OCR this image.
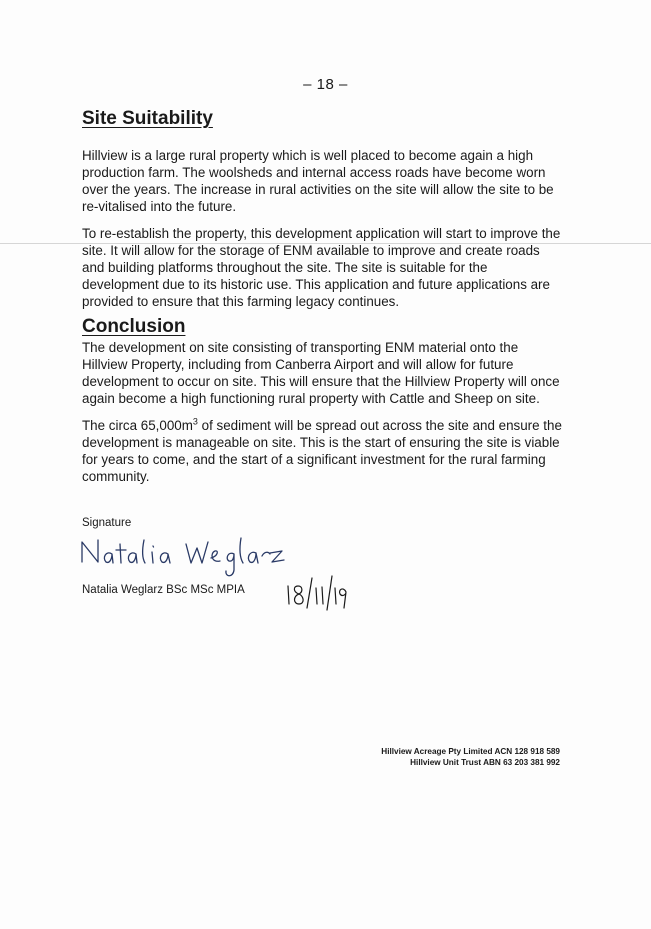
– 18 –
Site Suitability

Hillview is a large rural property which is well placed to become again a high production farm. The woolsheds and internal access roads have become worn over the years. The increase in rural activities on the site will allow the site to be re-vitalised into the future.

To re-establish the property, this development application will start to improve the site. It will allow for the storage of ENM available to improve and create roads and building platforms throughout the site. The site is suitable for the development due to its historic use. This application and future applications are provided to ensure that this farming legacy continues.

Conclusion

The development on site consisting of transporting ENM material onto the Hillview Property, including from Canberra Airport and will allow for future development to occur on site. This will ensure that the Hillview Property will once again become a high functioning rural property with Cattle and Sheep on site.

The circa $65,000m^3$ of sediment will be spread out across the site and ensure the development is manageable on site. This is the start of ensuring the site is viable for years to come, and the start of a significant investment for the rural farming community.

Signature

Natalia Weglarz BSc MSc MPIA

Hillview Acreage Pty Limited ACN 128 918 589
Hillview Unit Trust ABN 63 203 381 992
